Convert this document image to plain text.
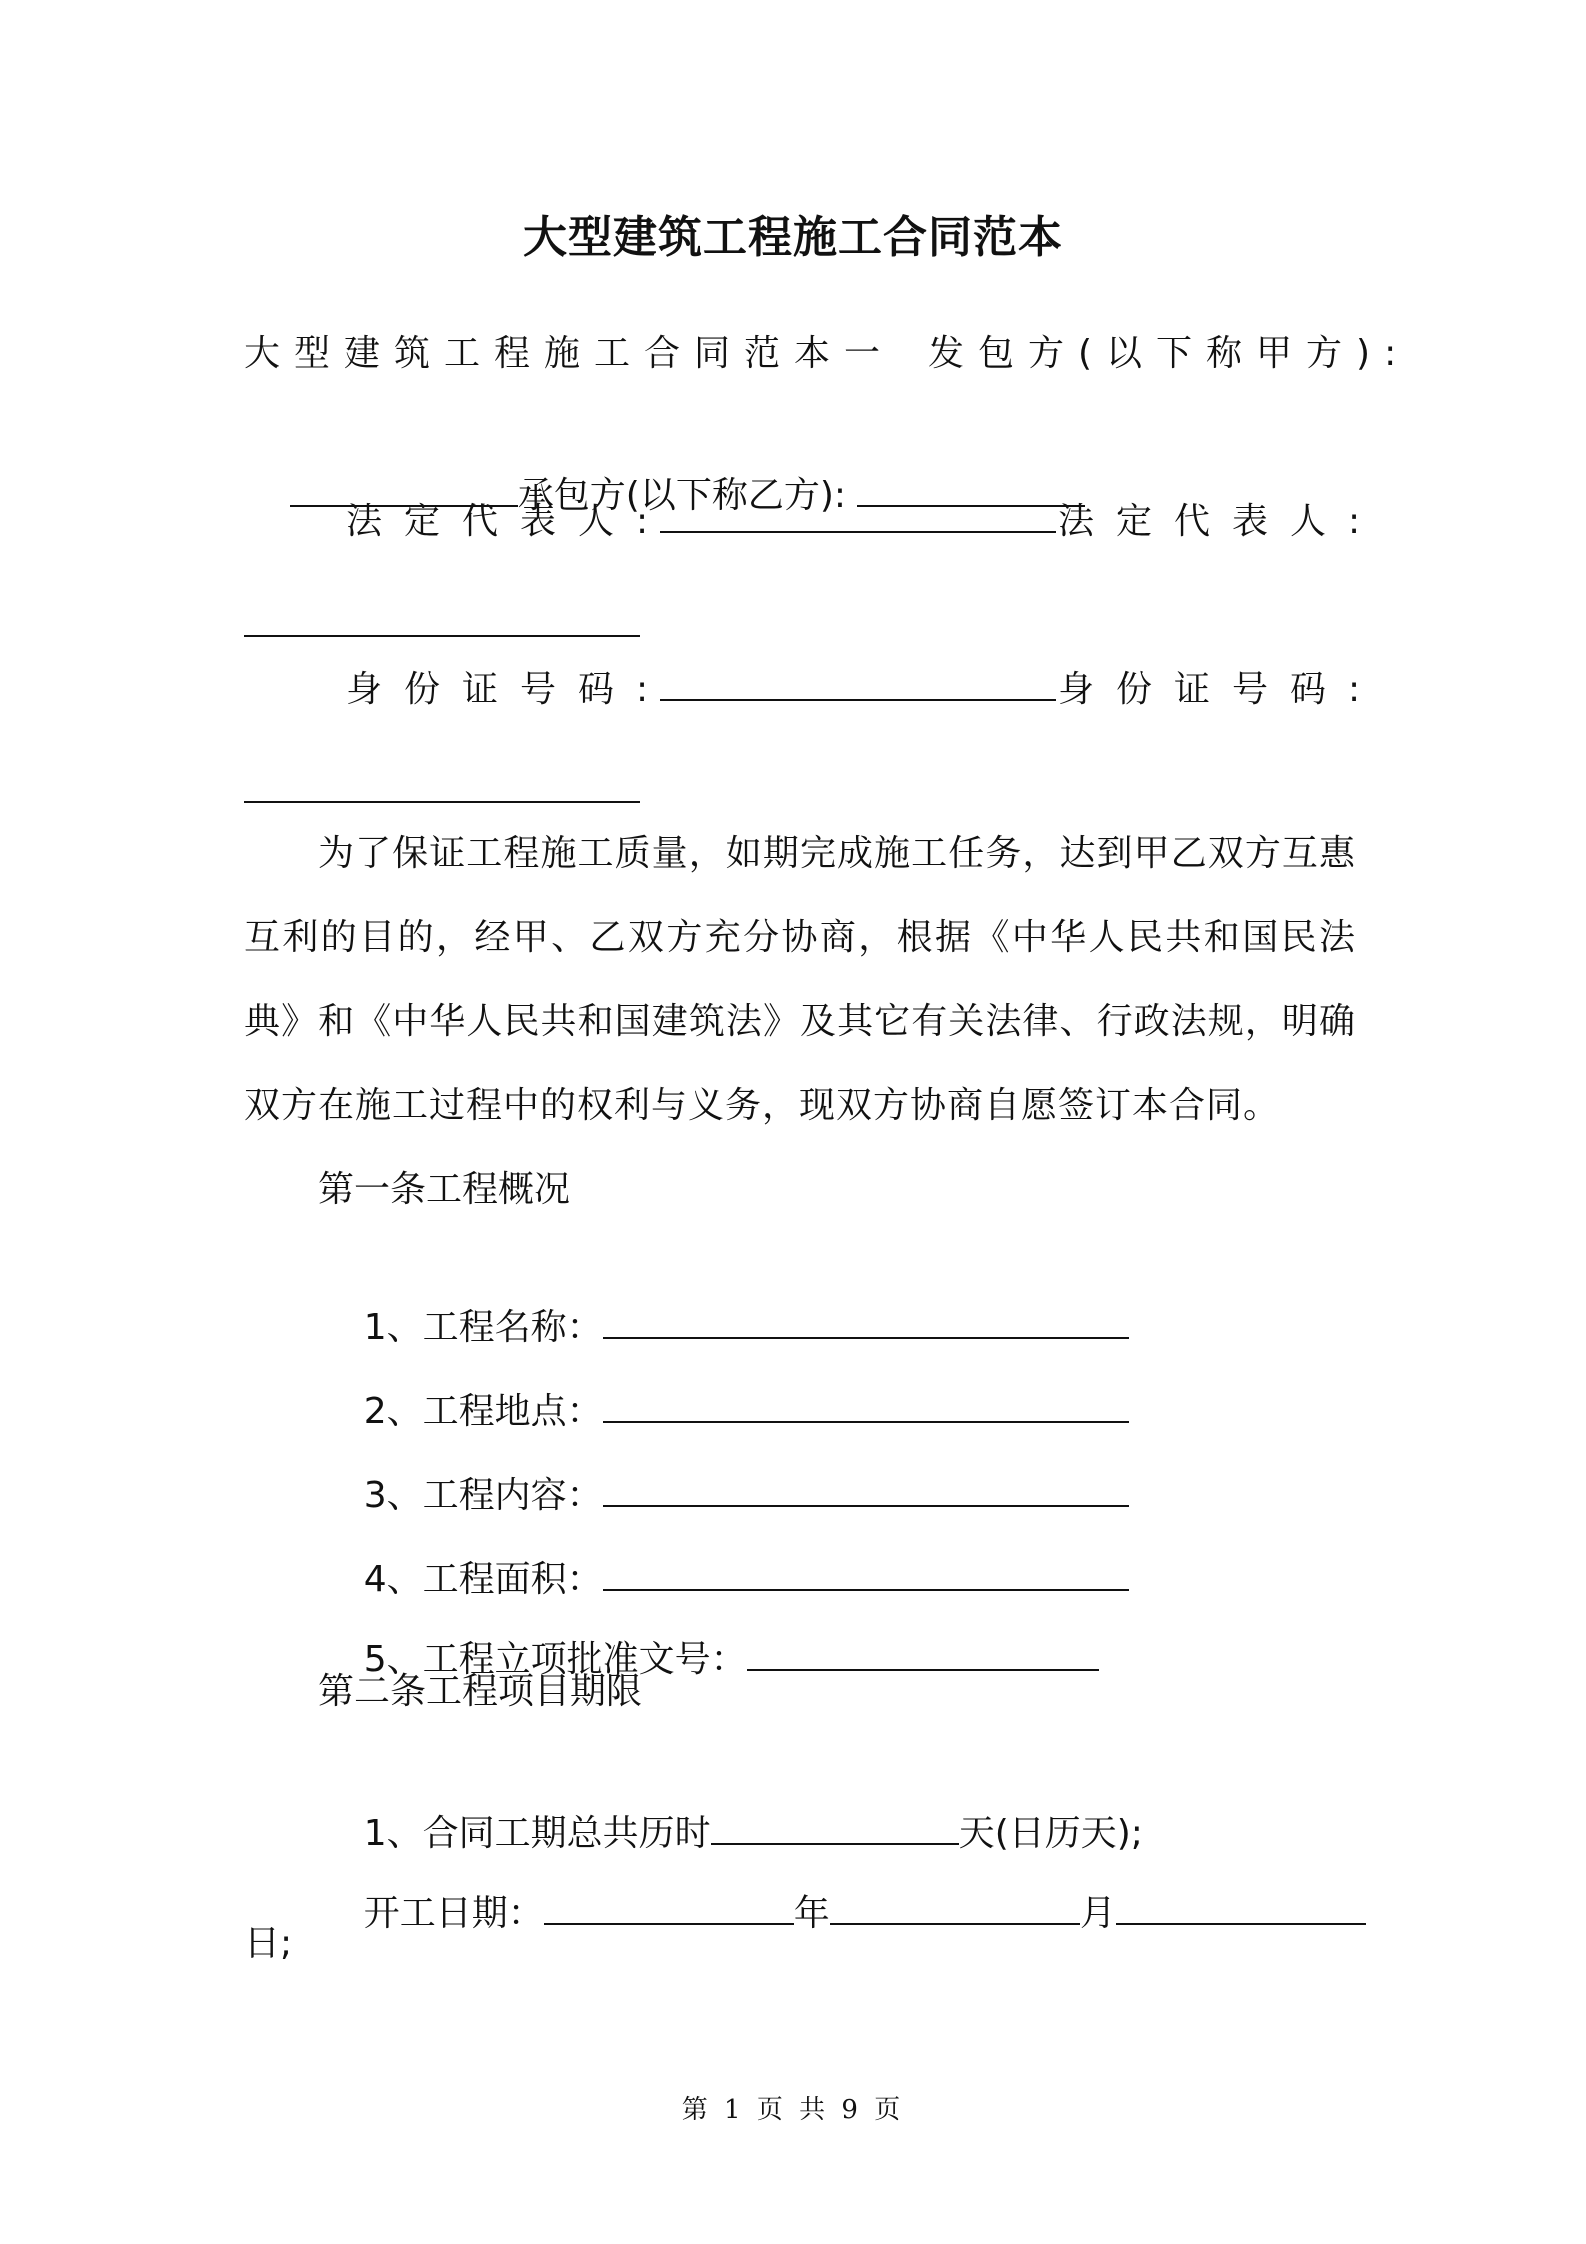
大型建筑工程施工合同范本
大型建筑工程施工合同范本一 发包方(以下称甲方):

承包方(以下称乙方):

法定代表人:	法定代表人:
身份证号码:	身份证号码:
为了保证工程施工质量，如期完成施工任务，达到甲乙双方互惠互利的目的，经甲、乙双方充分协商，根据《中华人民共和国民法典》和《中华人民共和国建筑法》及其它有关法律、行政法规，明确双方在施工过程中的权利与义务，现双方协商自愿签订本合同。
第一条工程概况

1、工程名称：

2、工程地点：

3、工程内容：

4、工程面积：

5、工程立项批准文号：

第二条工程项目期限

1、合同工期总共历时	天(日历天);

开工日期：	年	月

日;
第 1 页 共 9 页
